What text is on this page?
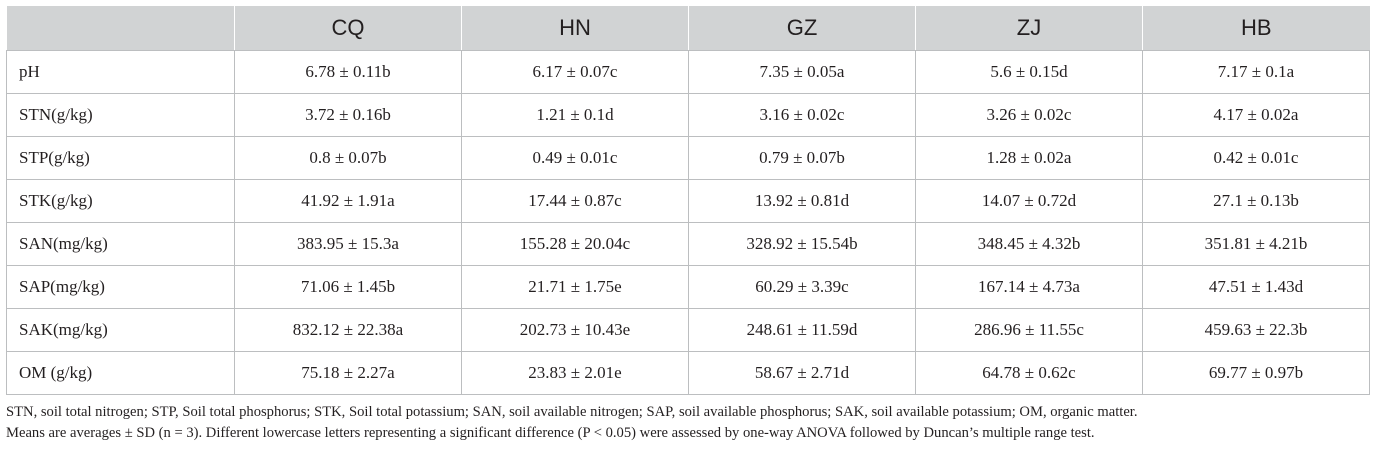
	CQ	HN	GZ	ZJ	HB
pH	6.78 ± 0.11b	6.17 ± 0.07c	7.35 ± 0.05a	5.6 ± 0.15d	7.17 ± 0.1a
STN(g/kg)	3.72 ± 0.16b	1.21 ± 0.1d	3.16 ± 0.02c	3.26 ± 0.02c	4.17 ± 0.02a
STP(g/kg)	0.8 ± 0.07b	0.49 ± 0.01c	0.79 ± 0.07b	1.28 ± 0.02a	0.42 ± 0.01c
STK(g/kg)	41.92 ± 1.91a	17.44 ± 0.87c	13.92 ± 0.81d	14.07 ± 0.72d	27.1 ± 0.13b
SAN(mg/kg)	383.95 ± 15.3a	155.28 ± 20.04c	328.92 ± 15.54b	348.45 ± 4.32b	351.81 ± 4.21b
SAP(mg/kg)	71.06 ± 1.45b	21.71 ± 1.75e	60.29 ± 3.39c	167.14 ± 4.73a	47.51 ± 1.43d
SAK(mg/kg)	832.12 ± 22.38a	202.73 ± 10.43e	248.61 ± 11.59d	286.96 ± 11.55c	459.63 ± 22.3b
OM (g/kg)	75.18 ± 2.27a	23.83 ± 2.01e	58.67 ± 2.71d	64.78 ± 0.62c	69.77 ± 0.97b
STN, soil total nitrogen; STP, Soil total phosphorus; STK, Soil total potassium; SAN, soil available nitrogen; SAP, soil available phosphorus; SAK, soil available potassium; OM, organic matter.
Means are averages ± SD (n = 3). Different lowercase letters representing a significant difference (P < 0.05) were assessed by one-way ANOVA followed by Duncan’s multiple range test.
